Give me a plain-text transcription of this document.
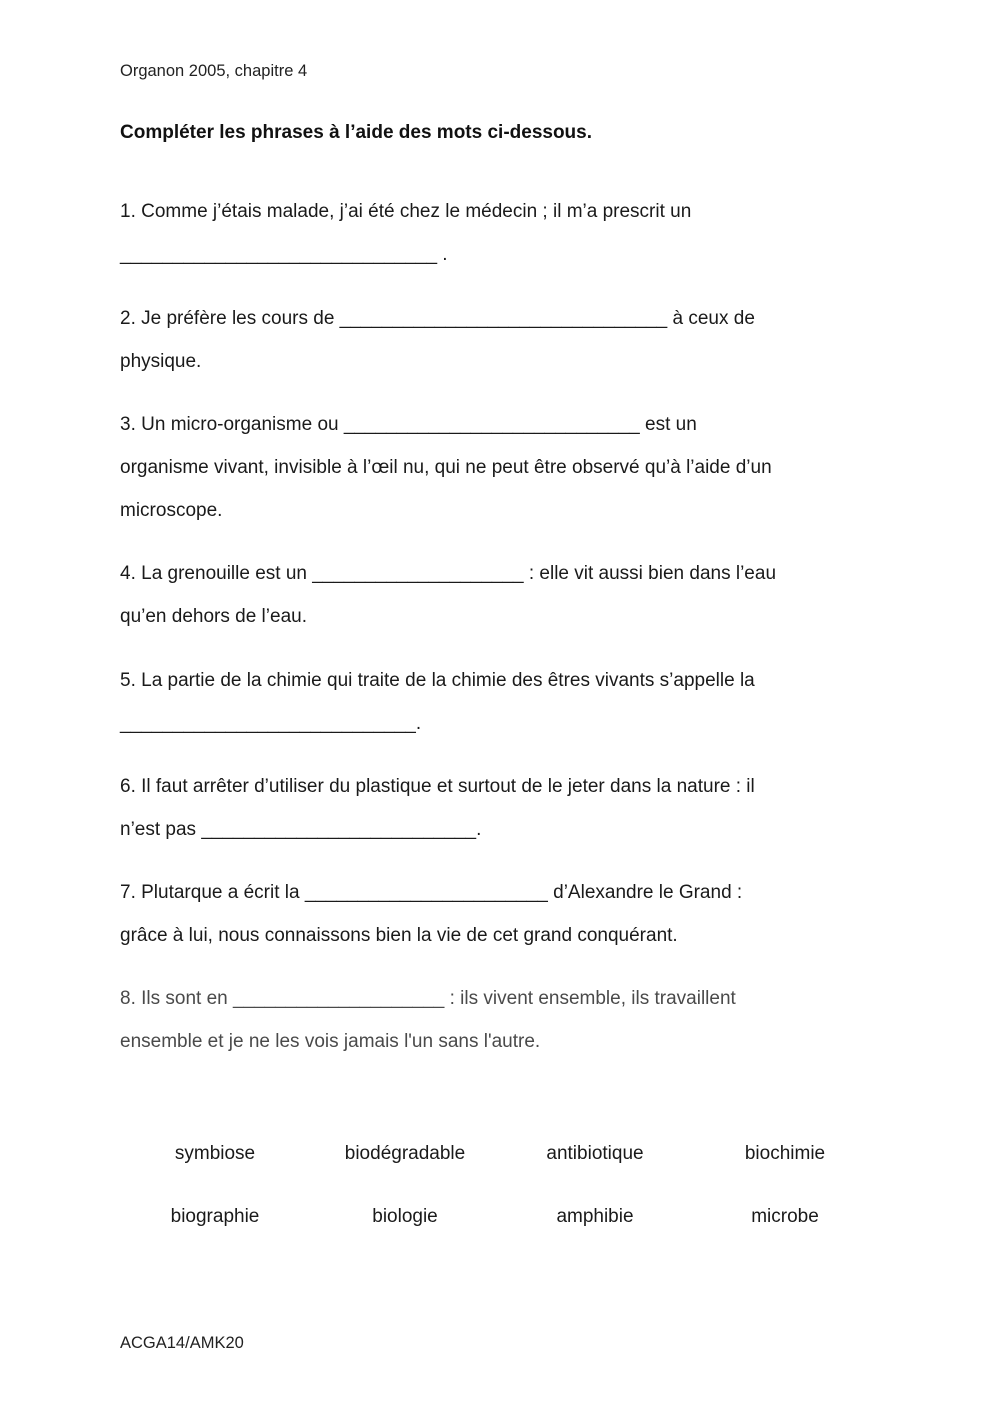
Organon 2005, chapitre 4
Compléter les phrases à l’aide des mots ci-dessous.
1. Comme j’étais malade, j’ai été chez le médecin ; il m’a prescrit un
______________________________ .
2. Je préfère les cours de _______________________________ à ceux de
physique.
3. Un micro-organisme ou ____________________________ est un
organisme vivant, invisible à l’œil nu, qui ne peut être observé qu’à l’aide d’un
microscope.
4. La grenouille est un ____________________ : elle vit aussi bien dans l’eau
qu’en dehors de l’eau.
5. La partie de la chimie qui traite de la chimie des êtres vivants s’appelle la
____________________________.
6. Il faut arrêter d’utiliser du plastique et surtout de le jeter dans la nature : il
n’est pas __________________________.
7. Plutarque a écrit la _______________________ d’Alexandre le Grand :
grâce à lui, nous connaissons bien la vie de cet grand conquérant.
8. Ils sont en ____________________ : ils vivent ensemble, ils travaillent
ensemble et je ne les vois jamais l'un sans l'autre.
symbiose	biodégradable	antibiotique	biochimie
biographie	biologie	amphibie	microbe
ACGA14/AMK20
